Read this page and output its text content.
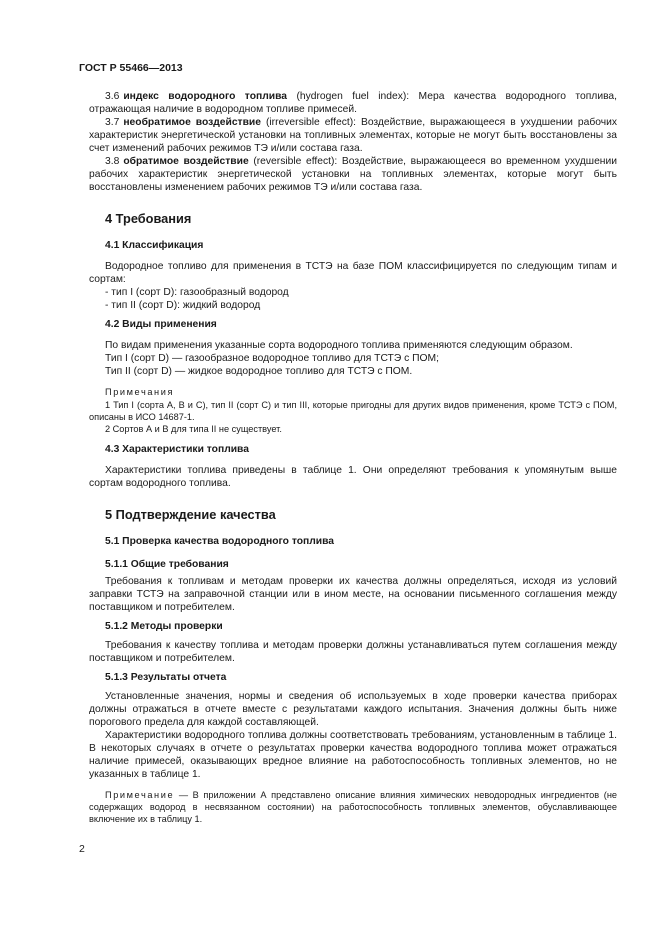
ГОСТ Р 55466—2013

3.6 индекс водородного топлива (hydrogen fuel index): Мера качества водородного топлива, отражающая наличие в водородном топливе примесей.

3.7 необратимое воздействие (irreversible effect): Воздействие, выражающееся в ухудшении рабочих характеристик энергетической установки на топливных элементах, которые не могут быть восстановлены за счет изменений рабочих режимов ТЭ и/или состава газа.

3.8 обратимое воздействие (reversible effect): Воздействие, выражающееся во временном ухудшении рабочих характеристик энергетической установки на топливных элементах, которые могут быть восстановлены изменением рабочих режимов ТЭ и/или состава газа.

4 Требования
4.1 Классификация

Водородное топливо для применения в ТСТЭ на базе ПОМ классифицируется по следующим типам и сортам:

- тип I (сорт D): газообразный водород

- тип II (сорт D): жидкий водород

4.2 Виды применения

По видам применения указанные сорта водородного топлива применяются следующим образом.

Тип I (сорт D) — газообразное водородное топливо для ТСТЭ с ПОМ;

Тип II (сорт D) — жидкое водородное топливо для ТСТЭ с ПОМ.

Примечания

1 Тип I (сорта А, В и С), тип II (сорт С) и тип III, которые пригодны для других видов применения, кроме ТСТЭ с ПОМ, описаны в ИСО 14687-1.

2 Сортов А и В для типа II не существует.

4.3 Характеристики топлива

Характеристики топлива приведены в таблице 1. Они определяют требования к упомянутым выше сортам водородного топлива.

5 Подтверждение качества
5.1 Проверка качества водородного топлива
5.1.1 Общие требования

Требования к топливам и методам проверки их качества должны определяться, исходя из условий заправки ТСТЭ на заправочной станции или в ином месте, на основании письменного соглашения между поставщиком и потребителем.

5.1.2 Методы проверки

Требования к качеству топлива и методам проверки должны устанавливаться путем соглашения между поставщиком и потребителем.

5.1.3 Результаты отчета

Установленные значения, нормы и сведения об используемых в ходе проверки качества приборах должны отражаться в отчете вместе с результатами каждого испытания. Значения должны быть ниже порогового предела для каждой составляющей.

Характеристики водородного топлива должны соответствовать требованиям, установленным в таблице 1. В некоторых случаях в отчете о результатах проверки качества водородного топлива может отражаться наличие примесей, оказывающих вредное влияние на работоспособность топливных элементов, но не указанных в таблице 1.

Примечание — В приложении А представлено описание влияния химических неводородных ингредиентов (не содержащих водород в несвязанном состоянии) на работоспособность топливных элементов, обуславливающее включение их в таблицу 1.

2
